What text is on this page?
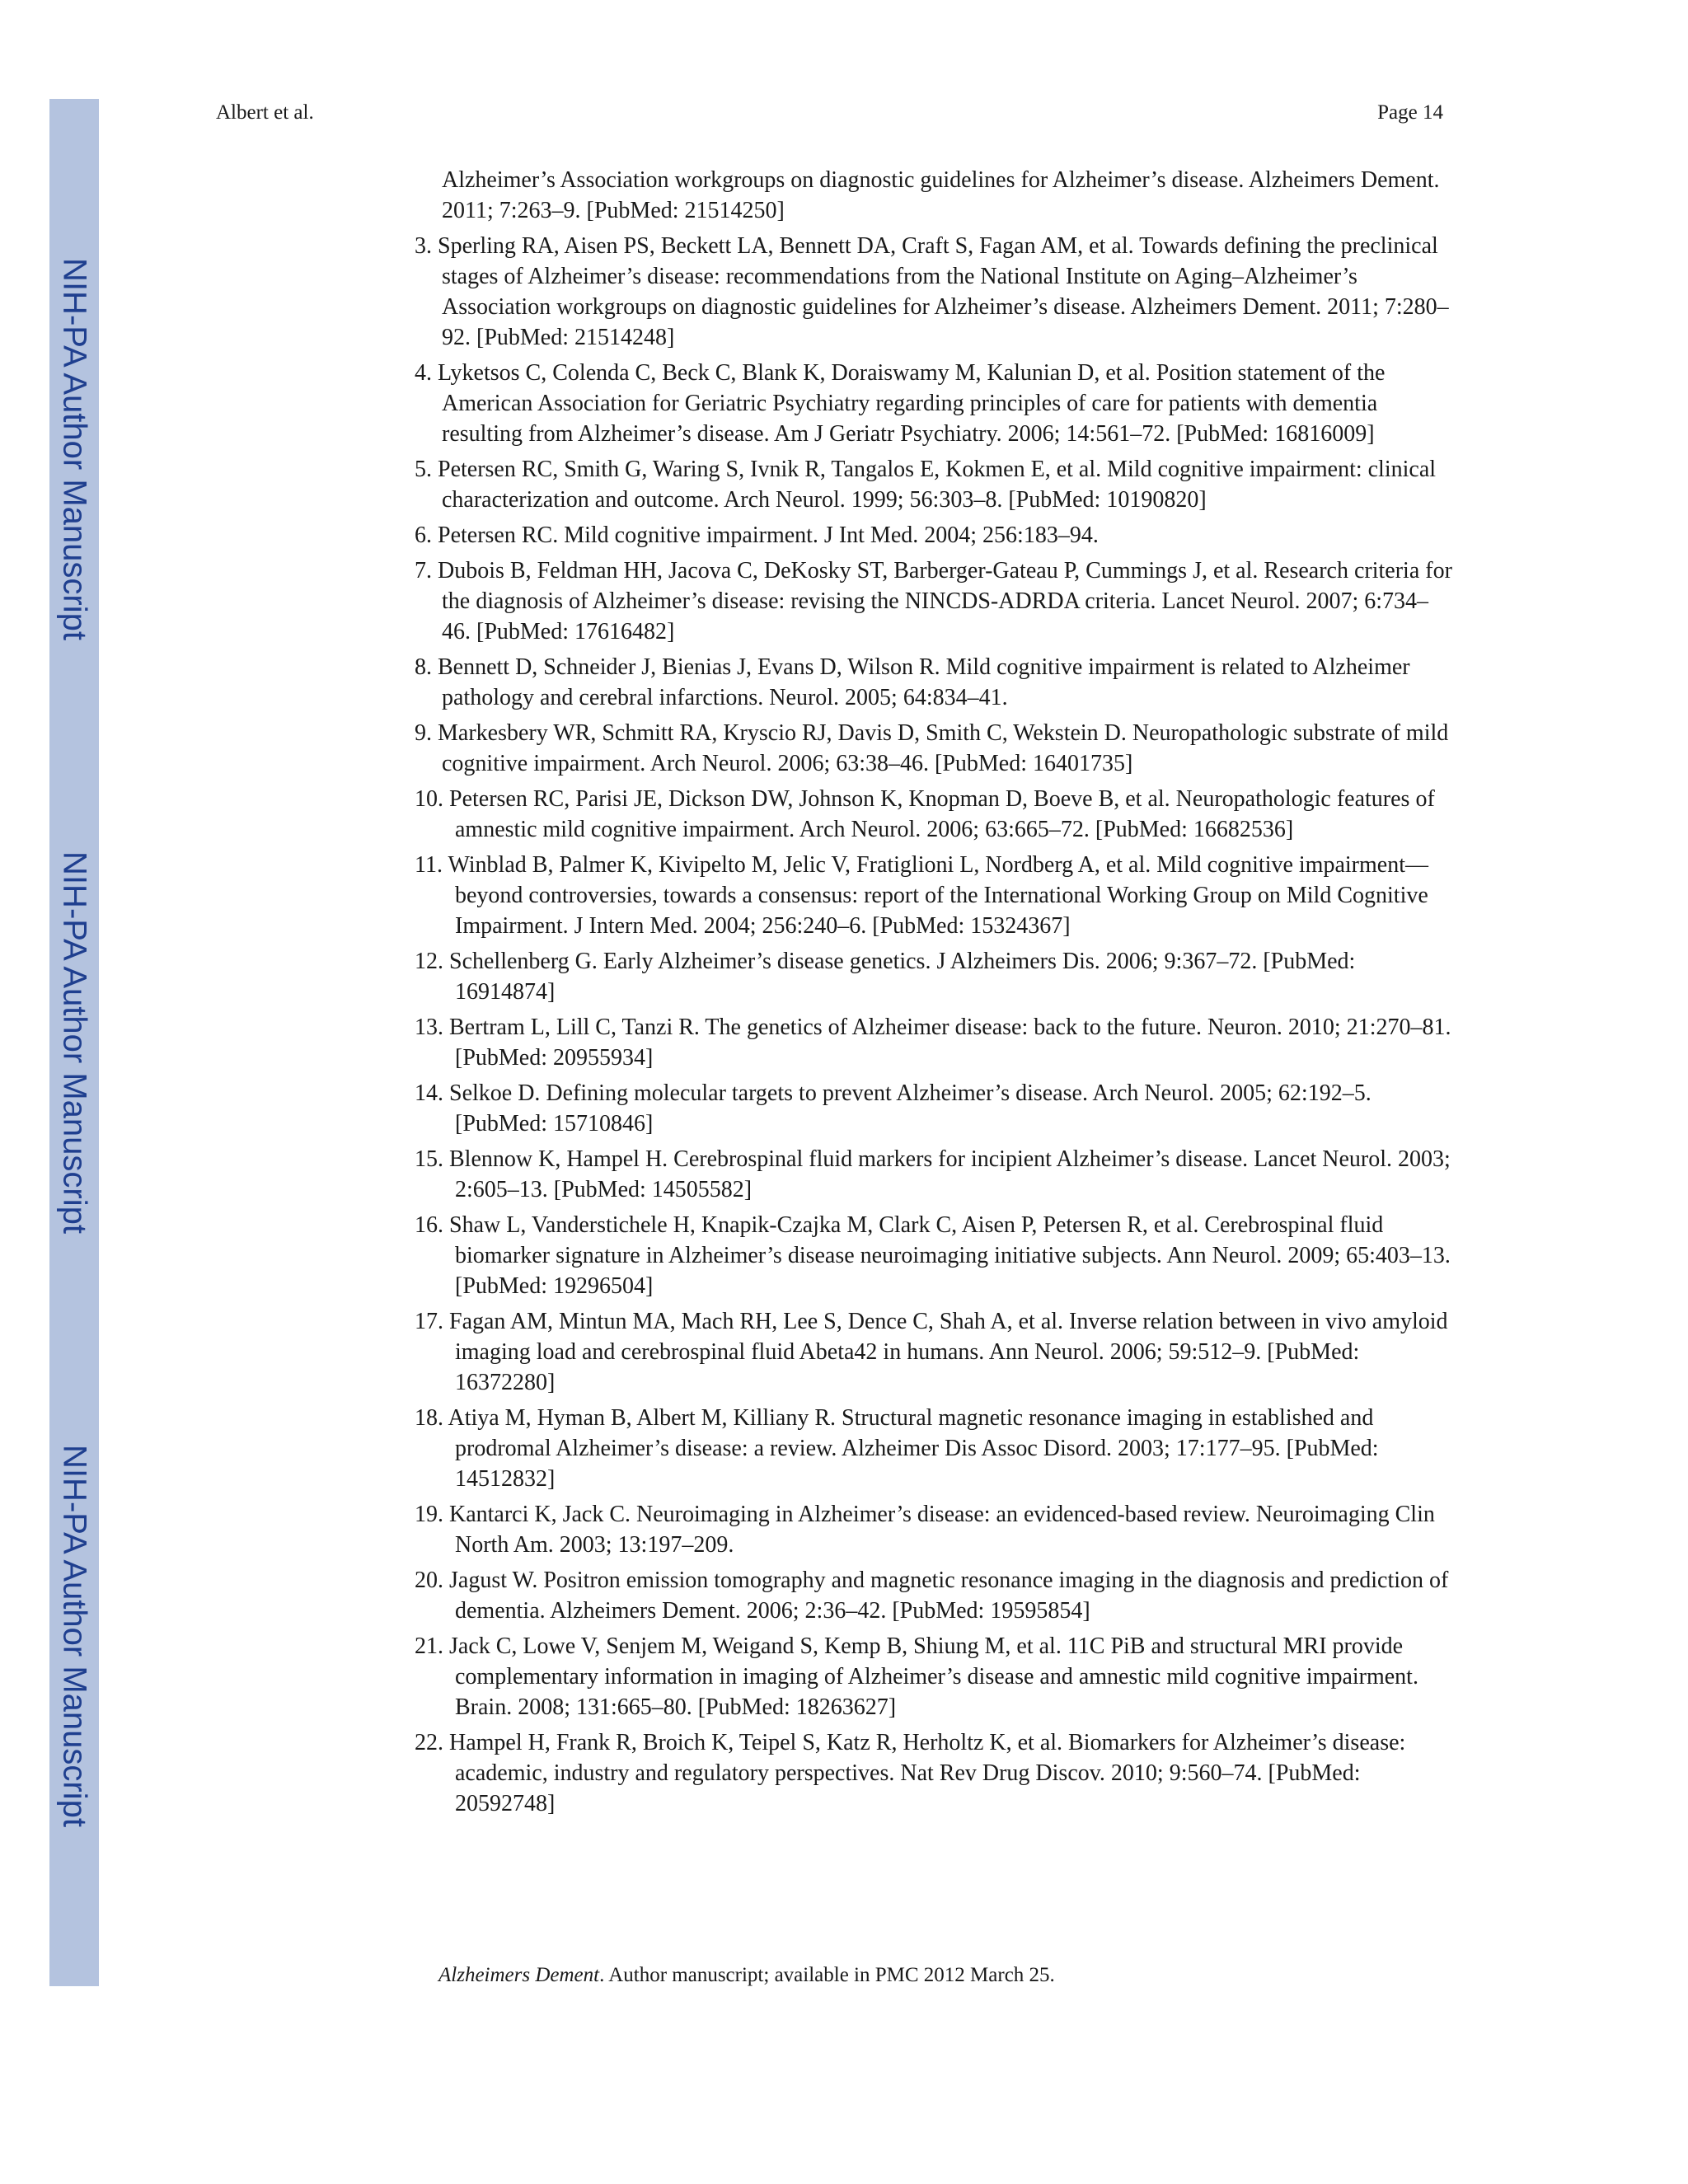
NIH-PA Author Manuscript
NIH-PA Author Manuscript
NIH-PA Author Manuscript
Albert et al.	Page 14
Alzheimer’s Association workgroups on diagnostic guidelines for Alzheimer’s disease. Alzheimers Dement. 2011; 7:263–9. [PubMed: 21514250]
3. Sperling RA, Aisen PS, Beckett LA, Bennett DA, Craft S, Fagan AM, et al. Towards defining the preclinical stages of Alzheimer’s disease: recommendations from the National Institute on Aging–Alzheimer’s Association workgroups on diagnostic guidelines for Alzheimer’s disease. Alzheimers Dement. 2011; 7:280–92. [PubMed: 21514248]
4. Lyketsos C, Colenda C, Beck C, Blank K, Doraiswamy M, Kalunian D, et al. Position statement of the American Association for Geriatric Psychiatry regarding principles of care for patients with dementia resulting from Alzheimer’s disease. Am J Geriatr Psychiatry. 2006; 14:561–72. [PubMed: 16816009]
5. Petersen RC, Smith G, Waring S, Ivnik R, Tangalos E, Kokmen E, et al. Mild cognitive impairment: clinical characterization and outcome. Arch Neurol. 1999; 56:303–8. [PubMed: 10190820]
6. Petersen RC. Mild cognitive impairment. J Int Med. 2004; 256:183–94.
7. Dubois B, Feldman HH, Jacova C, DeKosky ST, Barberger-Gateau P, Cummings J, et al. Research criteria for the diagnosis of Alzheimer’s disease: revising the NINCDS-ADRDA criteria. Lancet Neurol. 2007; 6:734–46. [PubMed: 17616482]
8. Bennett D, Schneider J, Bienias J, Evans D, Wilson R. Mild cognitive impairment is related to Alzheimer pathology and cerebral infarctions. Neurol. 2005; 64:834–41.
9. Markesbery WR, Schmitt RA, Kryscio RJ, Davis D, Smith C, Wekstein D. Neuropathologic substrate of mild cognitive impairment. Arch Neurol. 2006; 63:38–46. [PubMed: 16401735]
10. Petersen RC, Parisi JE, Dickson DW, Johnson K, Knopman D, Boeve B, et al. Neuropathologic features of amnestic mild cognitive impairment. Arch Neurol. 2006; 63:665–72. [PubMed: 16682536]
11. Winblad B, Palmer K, Kivipelto M, Jelic V, Fratiglioni L, Nordberg A, et al. Mild cognitive impairment—beyond controversies, towards a consensus: report of the International Working Group on Mild Cognitive Impairment. J Intern Med. 2004; 256:240–6. [PubMed: 15324367]
12. Schellenberg G. Early Alzheimer’s disease genetics. J Alzheimers Dis. 2006; 9:367–72. [PubMed: 16914874]
13. Bertram L, Lill C, Tanzi R. The genetics of Alzheimer disease: back to the future. Neuron. 2010; 21:270–81. [PubMed: 20955934]
14. Selkoe D. Defining molecular targets to prevent Alzheimer’s disease. Arch Neurol. 2005; 62:192–5. [PubMed: 15710846]
15. Blennow K, Hampel H. Cerebrospinal fluid markers for incipient Alzheimer’s disease. Lancet Neurol. 2003; 2:605–13. [PubMed: 14505582]
16. Shaw L, Vanderstichele H, Knapik-Czajka M, Clark C, Aisen P, Petersen R, et al. Cerebrospinal fluid biomarker signature in Alzheimer’s disease neuroimaging initiative subjects. Ann Neurol. 2009; 65:403–13. [PubMed: 19296504]
17. Fagan AM, Mintun MA, Mach RH, Lee S, Dence C, Shah A, et al. Inverse relation between in vivo amyloid imaging load and cerebrospinal fluid Abeta42 in humans. Ann Neurol. 2006; 59:512–9. [PubMed: 16372280]
18. Atiya M, Hyman B, Albert M, Killiany R. Structural magnetic resonance imaging in established and prodromal Alzheimer’s disease: a review. Alzheimer Dis Assoc Disord. 2003; 17:177–95. [PubMed: 14512832]
19. Kantarci K, Jack C. Neuroimaging in Alzheimer’s disease: an evidenced-based review. Neuroimaging Clin North Am. 2003; 13:197–209.
20. Jagust W. Positron emission tomography and magnetic resonance imaging in the diagnosis and prediction of dementia. Alzheimers Dement. 2006; 2:36–42. [PubMed: 19595854]
21. Jack C, Lowe V, Senjem M, Weigand S, Kemp B, Shiung M, et al. 11C PiB and structural MRI provide complementary information in imaging of Alzheimer’s disease and amnestic mild cognitive impairment. Brain. 2008; 131:665–80. [PubMed: 18263627]
22. Hampel H, Frank R, Broich K, Teipel S, Katz R, Herholtz K, et al. Biomarkers for Alzheimer’s disease: academic, industry and regulatory perspectives. Nat Rev Drug Discov. 2010; 9:560–74. [PubMed: 20592748]
Alzheimers Dement. Author manuscript; available in PMC 2012 March 25.
